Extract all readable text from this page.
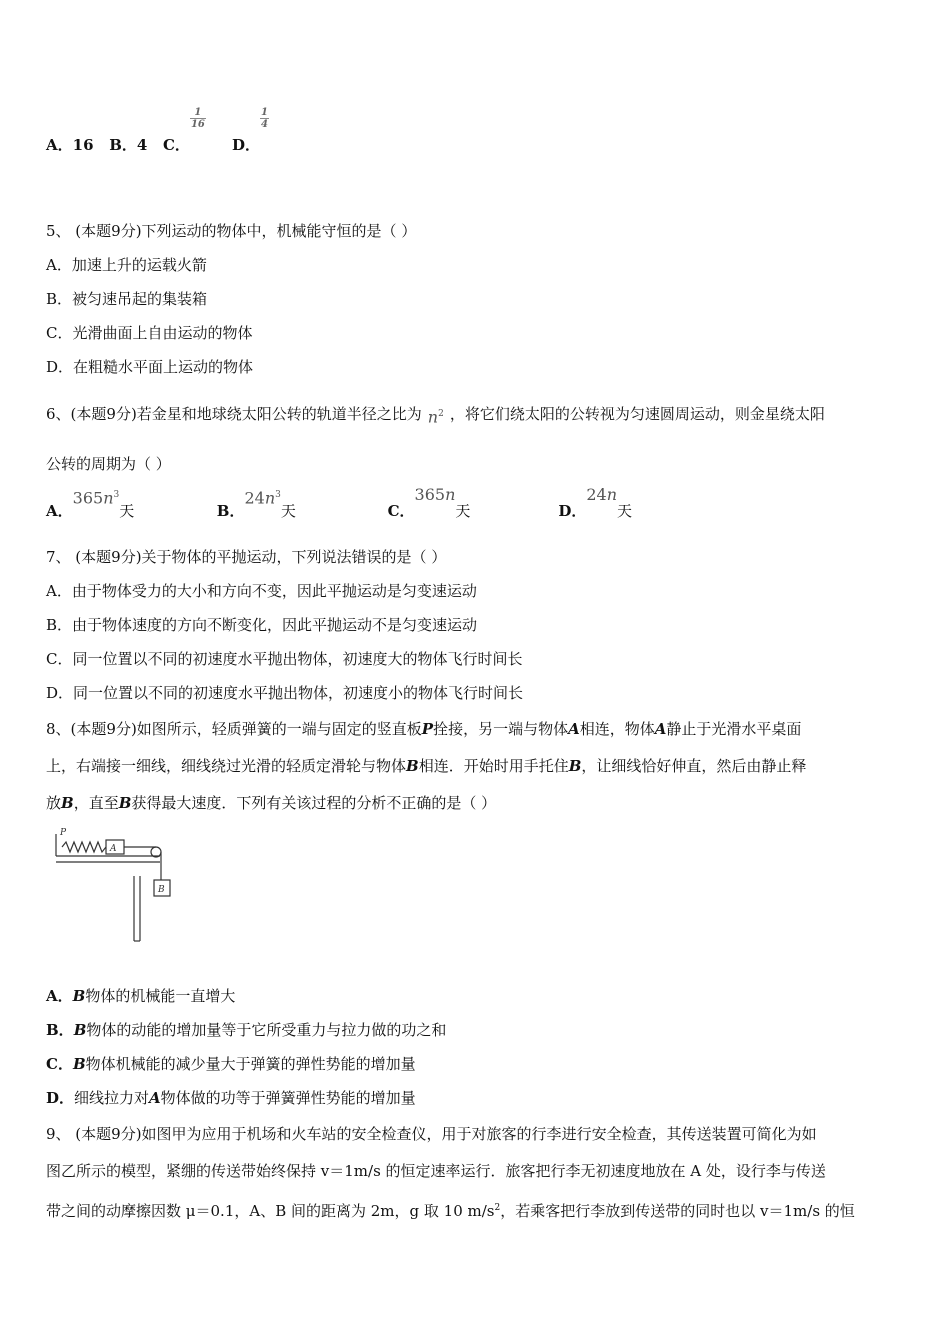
A．16 B．4 C．
$\frac{1}{16}$
D．
$\frac{1}{4}$
5、 (本题9分)下列运动的物体中，机械能守恒的是（ ）
A．加速上升的运载火箭
B．被匀速吊起的集装箱
C．光滑曲面上自由运动的物体
D．在粗糙水平面上运动的物体
6、(本题9分)若金星和地球绕太阳公转的轨道半径之比为 $n^2$ ，将它们绕太阳的公转视为匀速圆周运动，则金星绕太阳
公转的周期为（ ）
A．$365n^3$天	B．$24n^3$天	C．365n天	D．24n天
7、 (本题9分)关于物体的平抛运动，下列说法错误的是（ ）
A．由于物体受力的大小和方向不变，因此平抛运动是匀变速运动
B．由于物体速度的方向不断变化，因此平抛运动不是匀变速运动
C．同一位置以不同的初速度水平抛出物体，初速度大的物体飞行时间长
D．同一位置以不同的初速度水平抛出物体，初速度小的物体飞行时间长
8、(本题9分)如图所示，轻质弹簧的一端与固定的竖直板P拴接，另一端与物体A相连，物体A静止于光滑水平桌面
上，右端接一细线，细线绕过光滑的轻质定滑轮与物体B相连．开始时用手托住B，让细线恰好伸直，然后由静止释
放B，直至B获得最大速度．下列有关该过程的分析不正确的是（ ）
P
A
B
A．B物体的机械能一直增大
B．B物体的动能的增加量等于它所受重力与拉力做的功之和
C．B物体机械能的减少量大于弹簧的弹性势能的增加量
D．细线拉力对A物体做的功等于弹簧弹性势能的增加量
9、 (本题9分)如图甲为应用于机场和火车站的安全检查仪，用于对旅客的行李进行安全检查，其传送装置可简化为如
图乙所示的模型，紧绷的传送带始终保持 v＝1m/s 的恒定速率运行．旅客把行李无初速度地放在 A 处，设行李与传送
带之间的动摩擦因数 μ＝0.1，A、B 间的距离为 2m，g 取 10 $m/s^2$，若乘客把行李放到传送带的同时也以 v＝1m/s 的恒
